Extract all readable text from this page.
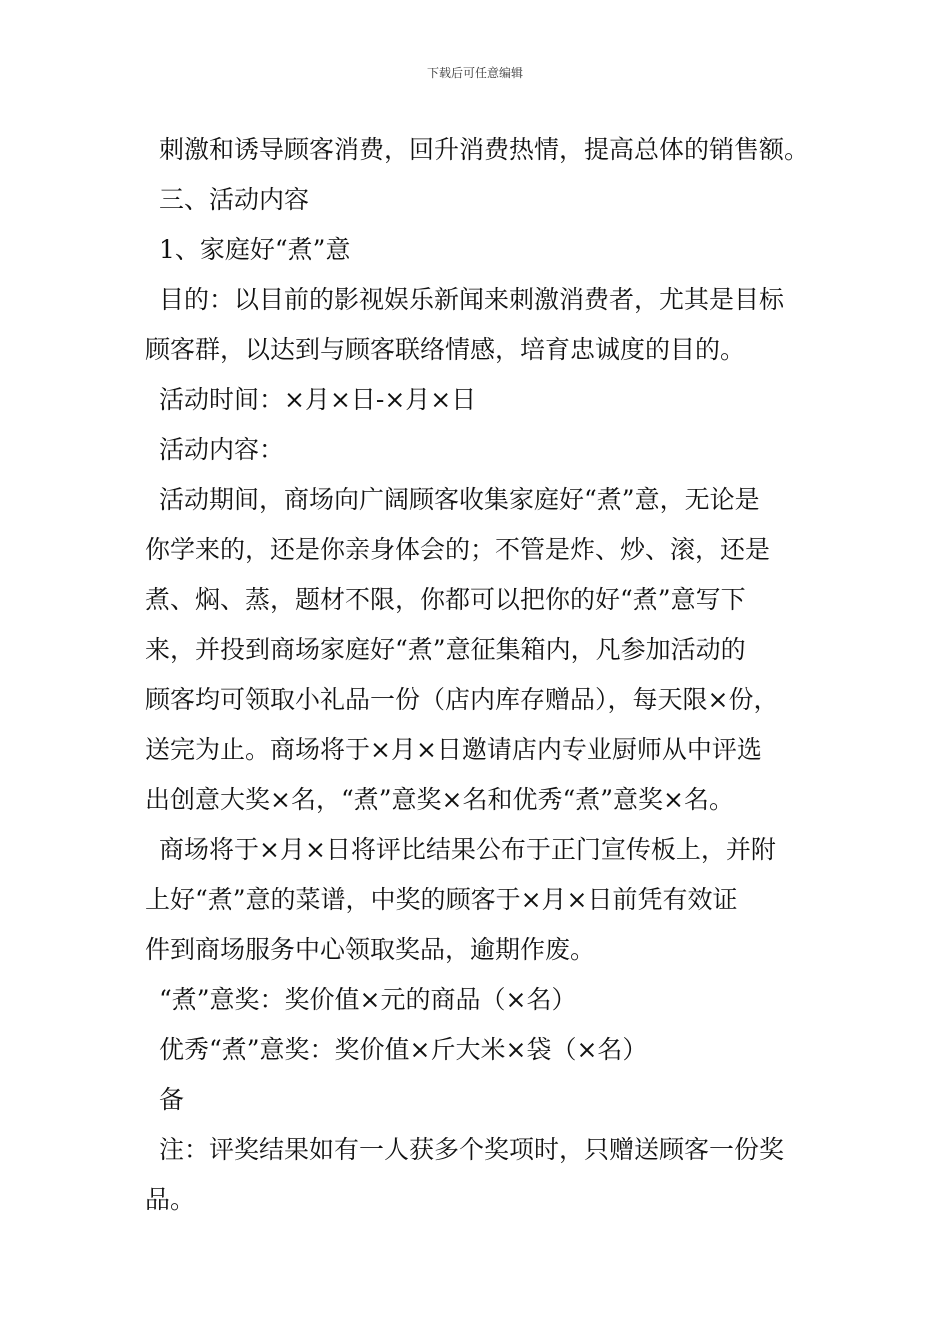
下载后可任意编辑
刺激和诱导顾客消费，回升消费热情，提高总体的销售额。
三、活动内容
1、家庭好“煮”意
目的：以目前的影视娱乐新闻来刺激消费者，尤其是目标
顾客群，以达到与顾客联络情感，培育忠诚度的目的。
活动时间：×月×日-×月×日
活动内容：
活动期间，商场向广阔顾客收集家庭好“煮”意，无论是
你学来的，还是你亲身体会的；不管是炸、炒、滚，还是
煮、焖、蒸，题材不限，你都可以把你的好“煮”意写下
来，并投到商场家庭好“煮”意征集箱内，凡参加活动的
顾客均可领取小礼品一份（店内库存赠品），每天限×份，
送完为止。商场将于×月×日邀请店内专业厨师从中评选
出创意大奖×名，“煮”意奖×名和优秀“煮”意奖×名。
商场将于×月×日将评比结果公布于正门宣传板上，并附
上好“煮”意的菜谱，中奖的顾客于×月×日前凭有效证
件到商场服务中心领取奖品，逾期作废。
“煮”意奖：奖价值×元的商品（×名）
优秀“煮”意奖：奖价值×斤大米×袋（×名）
备
注：评奖结果如有一人获多个奖项时，只赠送顾客一份奖
品。
